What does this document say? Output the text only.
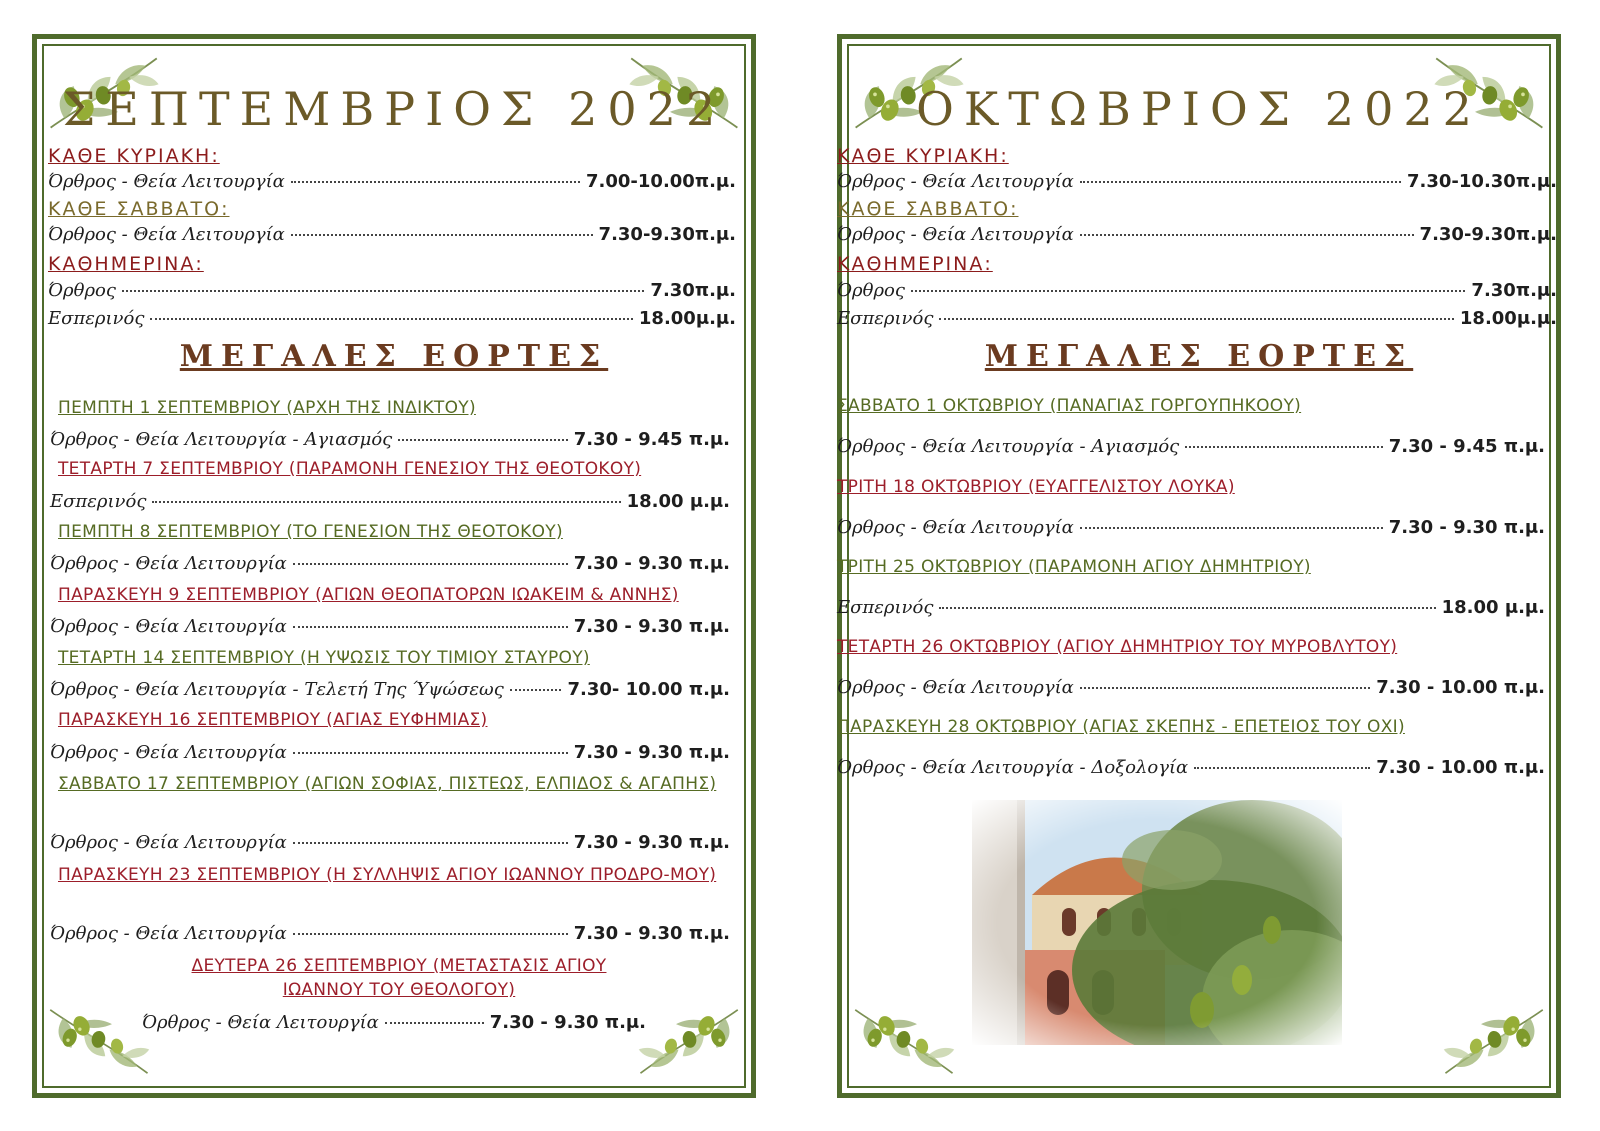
ΣΕΠΤΕΜΒΡΙΟΣ 2022
ΚΑΘΕ ΚΥΡΙΑΚΗ:
Όρθρος - Θεία Λειτουργία	7.00-10.00π.μ.
ΚΑΘΕ ΣΑΒΒΑΤΟ:
Όρθρος - Θεία Λειτουργία	7.30-9.30π.μ.
ΚΑΘΗΜΕΡΙΝΑ:
Όρθρος	7.30π.μ.
Εσπερινός	18.00μ.μ.
ΜΕΓΑΛΕΣ ΕΟΡΤΕΣ
ΠΕΜΠΤΗ 1 ΣΕΠΤΕΜΒΡΙΟΥ (ΑΡΧΗ ΤΗΣ ΙΝΔΙΚΤΟΥ)
Όρθρος - Θεία Λειτουργία - Αγιασμός	7.30 - 9.45 π.μ.
ΤΕΤΑΡΤΗ 7 ΣΕΠΤΕΜΒΡΙΟΥ (ΠΑΡΑΜΟΝΗ ΓΕΝΕΣΙΟΥ ΤΗΣ ΘΕΟΤΟΚΟΥ)
Εσπερινός	18.00 μ.μ.
ΠΕΜΠΤΗ 8 ΣΕΠΤΕΜΒΡΙΟΥ (ΤΟ ΓΕΝΕΣΙΟΝ ΤΗΣ ΘΕΟΤΟΚΟΥ)
Όρθρος - Θεία Λειτουργία	7.30 - 9.30 π.μ.
ΠΑΡΑΣΚΕΥΗ 9 ΣΕΠΤΕΜΒΡΙΟΥ (ΑΓΙΩΝ ΘΕΟΠΑΤΟΡΩΝ ΙΩΑΚΕΙΜ & ΑΝΝΗΣ)
Όρθρος - Θεία Λειτουργία	7.30 - 9.30 π.μ.
ΤΕΤΑΡΤΗ 14 ΣΕΠΤΕΜΒΡΙΟΥ (Η ΥΨΩΣΙΣ ΤΟΥ ΤΙΜΙΟΥ ΣΤΑΥΡΟΥ)
Όρθρος - Θεία Λειτουργία - Τελετή Της Ύψώσεως	7.30- 10.00 π.μ.
ΠΑΡΑΣΚΕΥΗ 16 ΣΕΠΤΕΜΒΡΙΟΥ (ΑΓΙΑΣ ΕΥΦΗΜΙΑΣ)
Όρθρος - Θεία Λειτουργία	7.30 - 9.30 π.μ.
ΣΑΒΒΑΤΟ 17 ΣΕΠΤΕΜΒΡΙΟΥ (ΑΓΙΩΝ ΣΟΦΙΑΣ, ΠΙΣΤΕΩΣ, ΕΛΠΙΔΟΣ & ΑΓΑΠΗΣ)
Όρθρος - Θεία Λειτουργία	7.30 - 9.30 π.μ.
ΠΑΡΑΣΚΕΥΗ 23 ΣΕΠΤΕΜΒΡΙΟΥ (Η ΣΥΛΛΗΨΙΣ ΑΓΙΟΥ ΙΩΑΝΝΟΥ ΠΡΟΔΡΟ-ΜΟΥ)
Όρθρος - Θεία Λειτουργία	7.30 - 9.30 π.μ.
ΔΕΥΤΕΡΑ 26 ΣΕΠΤΕΜΒΡΙΟΥ (ΜΕΤΑΣΤΑΣΙΣ ΑΓΙΟΥ ΙΩΑΝΝΟΥ ΤΟΥ ΘΕΟΛΟΓΟΥ)
Όρθρος - Θεία Λειτουργία	7.30 - 9.30 π.μ.
ΟΚΤΩΒΡΙΟΣ 2022
ΚΑΘΕ ΚΥΡΙΑΚΗ:
Όρθρος - Θεία Λειτουργία	7.30-10.30π.μ.
ΚΑΘΕ ΣΑΒΒΑΤΟ:
Όρθρος - Θεία Λειτουργία	7.30-9.30π.μ.
ΚΑΘΗΜΕΡΙΝΑ:
Όρθρος	7.30π.μ.
Εσπερινός	18.00μ.μ.
ΜΕΓΑΛΕΣ ΕΟΡΤΕΣ
ΣΑΒΒΑΤΟ 1 ΟΚΤΩΒΡΙΟΥ (ΠΑΝΑΓΙΑΣ ΓΟΡΓΟΥΠΗΚΟΟΥ)
Όρθρος - Θεία Λειτουργία - Αγιασμός	7.30 - 9.45 π.μ.
ΤΡΙΤΗ 18 ΟΚΤΩΒΡΙΟΥ (ΕΥΑΓΓΕΛΙΣΤΟΥ ΛΟΥΚΑ)
Όρθρος - Θεία Λειτουργία	7.30 - 9.30 π.μ.
ΤΡΙΤΗ 25 ΟΚΤΩΒΡΙΟΥ (ΠΑΡΑΜΟΝΗ ΑΓΙΟΥ ΔΗΜΗΤΡΙΟΥ)
Εσπερινός	18.00 μ.μ.
ΤΕΤΑΡΤΗ 26 ΟΚΤΩΒΡΙΟΥ (ΑΓΙΟΥ ΔΗΜΗΤΡΙΟΥ ΤΟΥ ΜΥΡΟΒΛΥΤΟΥ)
Όρθρος - Θεία Λειτουργία	7.30 - 10.00 π.μ.
ΠΑΡΑΣΚΕΥΗ 28 ΟΚΤΩΒΡΙΟΥ (ΑΓΙΑΣ ΣΚΕΠΗΣ - ΕΠΕΤΕΙΟΣ ΤΟΥ ΟΧΙ)
Όρθρος - Θεία Λειτουργία - Δοξολογία	7.30 - 10.00 π.μ.
